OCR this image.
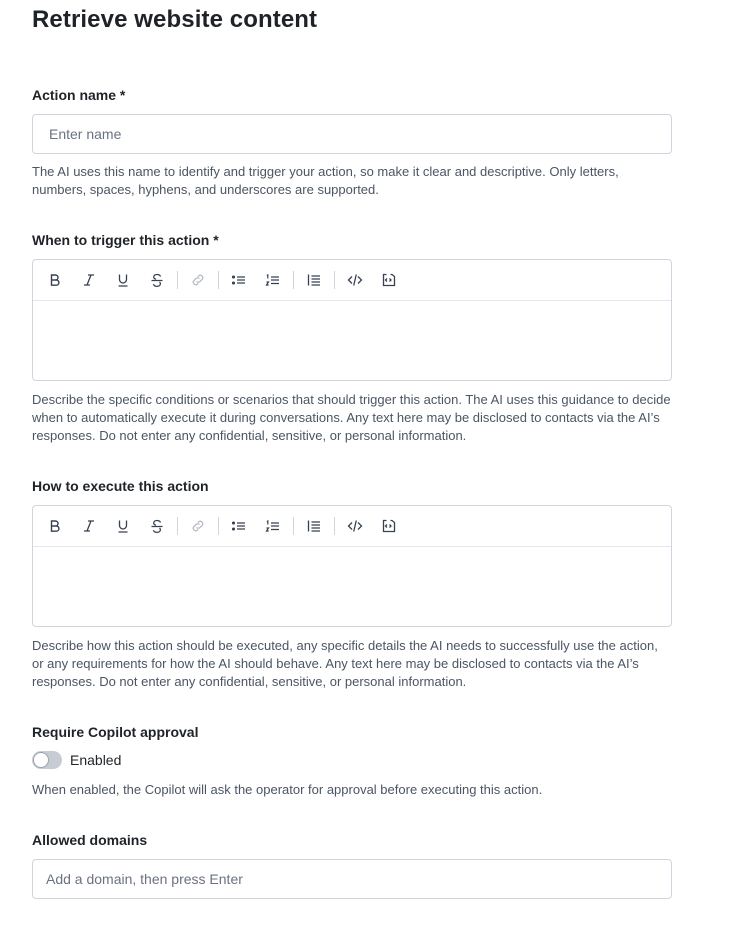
Retrieve website content
Action name *
Enter name
The AI uses this name to identify and trigger your action, so make it clear and descriptive. Only letters, numbers, spaces, hyphens, and underscores are supported.
When to trigger this action *
Describe the specific conditions or scenarios that should trigger this action. The AI uses this guidance to decide when to automatically execute it during conversations. Any text here may be disclosed to contacts via the AI’s responses. Do not enter any confidential, sensitive, or personal information.
How to execute this action
Describe how this action should be executed, any specific details the AI needs to successfully use the action, or any requirements for how the AI should behave. Any text here may be disclosed to contacts via the AI’s responses. Do not enter any confidential, sensitive, or personal information.
Require Copilot approval
Enabled
When enabled, the Copilot will ask the operator for approval before executing this action.
Allowed domains
Add a domain, then press Enter
